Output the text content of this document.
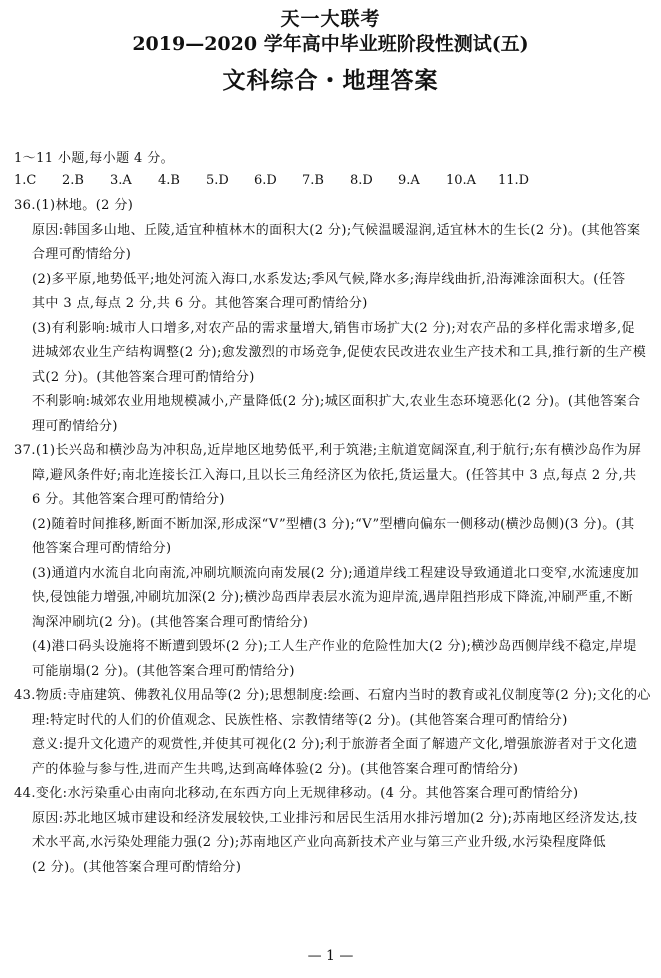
天一大联考
2019—2020 学年高中毕业班阶段性测试(五)
文科综合・地理答案
1～11 小题,每小题 4 分。
1.C 2.B 3.A 4.B 5.D 6.D 7.B 8.D 9.A 10.A 11.D
36.(1)林地。(2 分)
原因:韩国多山地、丘陵,适宜种植林木的面积大(2 分);气候温暖湿润,适宜林木的生长(2 分)。(其他答案
合理可酌情给分)
(2)多平原,地势低平;地处河流入海口,水系发达;季风气候,降水多;海岸线曲折,沿海滩涂面积大。(任答
其中 3 点,每点 2 分,共 6 分。其他答案合理可酌情给分)
(3)有利影响:城市人口增多,对农产品的需求量增大,销售市场扩大(2 分);对农产品的多样化需求增多,促
进城郊农业生产结构调整(2 分);愈发激烈的市场竞争,促使农民改进农业生产技术和工具,推行新的生产模
式(2 分)。(其他答案合理可酌情给分)
不利影响:城郊农业用地规模减小,产量降低(2 分);城区面积扩大,农业生态环境恶化(2 分)。(其他答案合
理可酌情给分)
37.(1)长兴岛和横沙岛为冲积岛,近岸地区地势低平,利于筑港;主航道宽阔深直,利于航行;东有横沙岛作为屏
障,避风条件好;南北连接长江入海口,且以长三角经济区为依托,货运量大。(任答其中 3 点,每点 2 分,共
6 分。其他答案合理可酌情给分)
(2)随着时间推移,断面不断加深,形成深“V”型槽(3 分);“V”型槽向偏东一侧移动(横沙岛侧)(3 分)。(其
他答案合理可酌情给分)
(3)通道内水流自北向南流,冲刷坑顺流向南发展(2 分);通道岸线工程建设导致通道北口变窄,水流速度加
快,侵蚀能力增强,冲刷坑加深(2 分);横沙岛西岸表层水流为迎岸流,遇岸阻挡形成下降流,冲刷严重,不断
淘深冲刷坑(2 分)。(其他答案合理可酌情给分)
(4)港口码头设施将不断遭到毁坏(2 分);工人生产作业的危险性加大(2 分);横沙岛西侧岸线不稳定,岸堤
可能崩塌(2 分)。(其他答案合理可酌情给分)
43.物质:寺庙建筑、佛教礼仪用品等(2 分);思想制度:绘画、石窟内当时的教育或礼仪制度等(2 分);文化的心
理:特定时代的人们的价值观念、民族性格、宗教情绪等(2 分)。(其他答案合理可酌情给分)
意义:提升文化遗产的观赏性,并使其可视化(2 分);利于旅游者全面了解遗产文化,增强旅游者对于文化遗
产的体验与参与性,进而产生共鸣,达到高峰体验(2 分)。(其他答案合理可酌情给分)
44.变化:水污染重心由南向北移动,在东西方向上无规律移动。(4 分。其他答案合理可酌情给分)
原因:苏北地区城市建设和经济发展较快,工业排污和居民生活用水排污增加(2 分);苏南地区经济发达,技
术水平高,水污染处理能力强(2 分);苏南地区产业向高新技术产业与第三产业升级,水污染程度降低
(2 分)。(其他答案合理可酌情给分)
— 1 —
